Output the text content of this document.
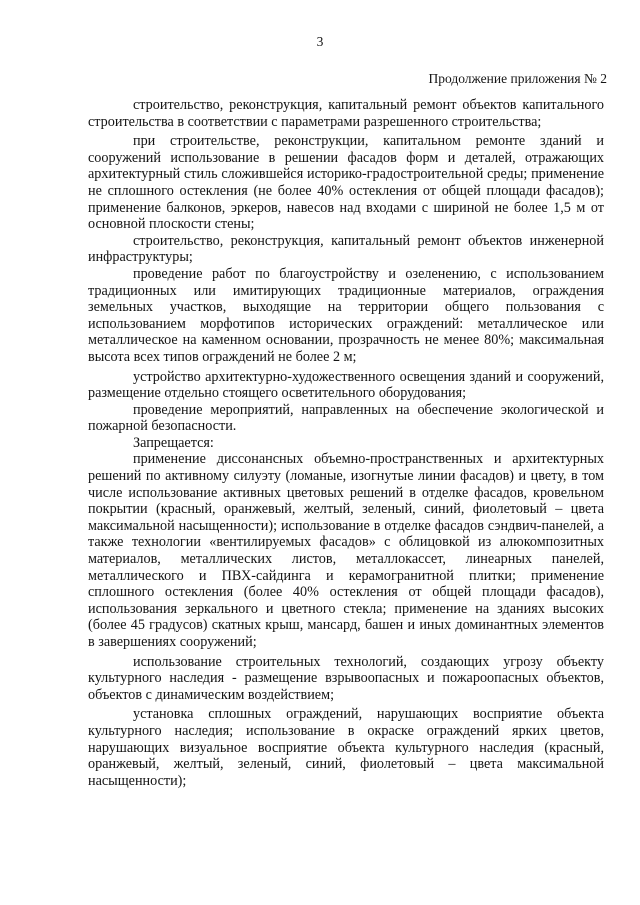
3
Продолжение приложения № 2

строительство, реконструкция, капитальный ремонт объектов капитального строительства в соответствии с параметрами разрешенного строительства;

при строительстве, реконструкции, капитальном ремонте зданий и сооружений использование в решении фасадов форм и деталей, отражающих архитектурный стиль сложившейся историко-градостроительной среды; применение не сплошного остекления (не более 40% остекления от общей площади фасадов); применение балконов, эркеров, навесов над входами с шириной не более 1,5 м от основной плоскости стены;

строительство, реконструкция, капитальный ремонт объектов инженерной инфраструктуры;

проведение работ по благоустройству и озеленению, с использованием традиционных или имитирующих традиционные материалов, ограждения земельных участков, выходящие на территории общего пользования с использованием морфотипов исторических ограждений: металлическое или металлическое на каменном основании, прозрачность не менее 80%; максимальная высота всех типов ограждений не более 2 м;

устройство архитектурно-художественного освещения зданий и сооружений, размещение отдельно стоящего осветительного оборудования;

проведение мероприятий, направленных на обеспечение экологической и пожарной безопасности.

Запрещается:

применение диссонансных объемно-пространственных и архитектурных решений по активному силуэту (ломаные, изогнутые линии фасадов) и цвету, в том числе использование активных цветовых решений в отделке фасадов, кровельном покрытии (красный, оранжевый, желтый, зеленый, синий, фиолетовый – цвета максимальной насыщенности); использование в отделке фасадов сэндвич-панелей, а также технологии «вентилируемых фасадов» с облицовкой из алюкомпозитных материалов, металлических листов, металлокассет, линеарных панелей, металлического и ПВХ-сайдинга и керамогранитной плитки; применение сплошного остекления (более 40% остекления от общей площади фасадов), использования зеркального и цветного стекла; применение на зданиях высоких (более 45 градусов) скатных крыш, мансард, башен и иных доминантных элементов в завершениях сооружений;

использование строительных технологий, создающих угрозу объекту культурного наследия - размещение взрывоопасных и пожароопасных объектов, объектов с динамическим воздействием;

установка сплошных ограждений, нарушающих восприятие объекта культурного наследия; использование в окраске ограждений ярких цветов, нарушающих визуальное восприятие объекта культурного наследия (красный, оранжевый, желтый, зеленый, синий, фиолетовый – цвета максимальной насыщенности);
